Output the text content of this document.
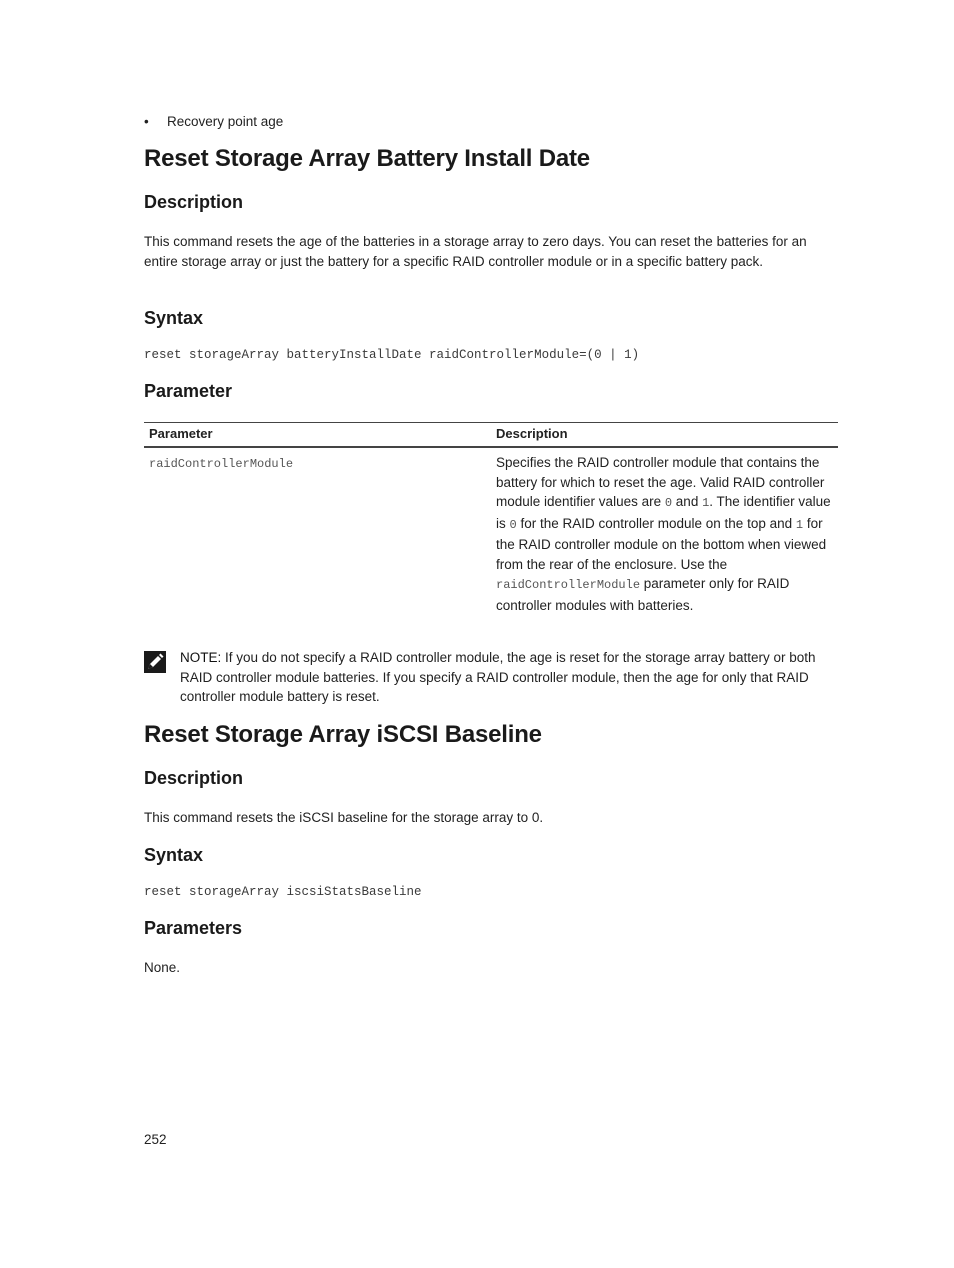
• Recovery point age
Reset Storage Array Battery Install Date
Description

This command resets the age of the batteries in a storage array to zero days. You can reset the batteries for an entire storage array or just the battery for a specific RAID controller module or in a specific battery pack.

Syntax
reset storageArray batteryInstallDate raidControllerModule=(0 | 1)
Parameter
Parameter	Description
raidControllerModule	Specifies the RAID controller module that contains the battery for which to reset the age. Valid RAID controller module identifier values are 0 and 1. The identifier value is 0 for the RAID controller module on the top and 1 for the RAID controller module on the bottom when viewed from the rear of the enclosure. Use the raidControllerModule parameter only for RAID controller modules with batteries.
NOTE: If you do not specify a RAID controller module, the age is reset for the storage array battery or both RAID controller module batteries. If you specify a RAID controller module, then the age for only that RAID controller module battery is reset.
Reset Storage Array iSCSI Baseline
Description

This command resets the iSCSI baseline for the storage array to 0.

Syntax
reset storageArray iscsiStatsBaseline
Parameters

None.

252
